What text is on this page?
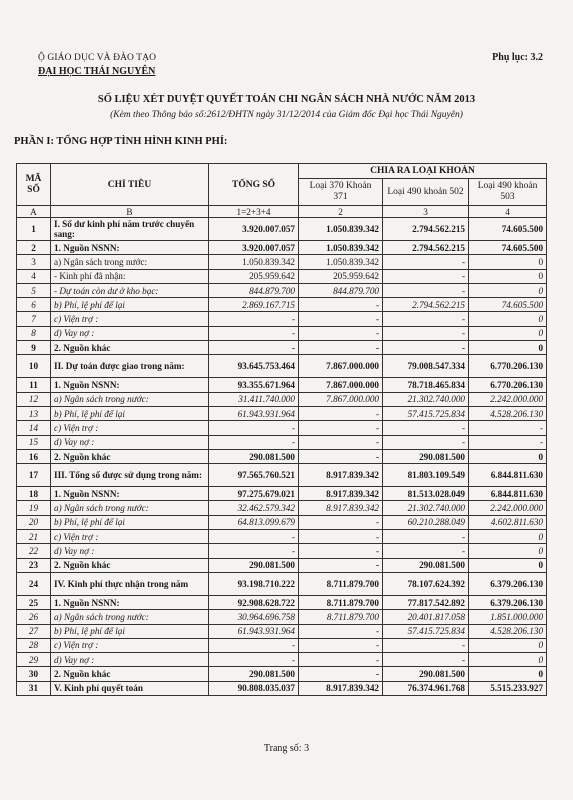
Ộ GIÁO DỤC VÀ ĐÀO TẠO
ĐẠI HỌC THÁI NGUYÊN
Phụ lục: 3.2
SỐ LIỆU XÉT DUYỆT QUYẾT TOÁN CHI NGÂN SÁCH NHÀ NƯỚC NĂM 2013
(Kèm theo Thông báo số:2612/ĐHTN ngày 31/12/2014 của Giám đốc Đại học Thái Nguyên)
PHẦN I: TỔNG HỢP TÌNH HÌNH KINH PHÍ:
MÃ SỐ	CHỈ TIÊU	TỔNG SỐ	CHIA RA LOẠI KHOẢN		
			Loại 370 Khoản 371	Loại 490 khoản 502	Loại 490 khoản 503
A	B	1=2+3+4	2	3	4
1	I. Số dư kinh phí năm trước chuyển sang:	3.920.007.057	1.050.839.342	2.794.562.215	74.605.500
2	1. Nguồn NSNN:	3.920.007.057	1.050.839.342	2.794.562.215	74.605.500
3	a) Ngân sách trong nước:	1.050.839.342	1.050.839.342	-	0
4	- Kinh phí đã nhận:	205.959.642	205.959.642	-	0
5	- Dự toán còn dư ở kho bạc:	844.879.700	844.879.700	-	0
6	b) Phí, lệ phí để lại	2.869.167.715	-	2.794.562.215	74.605.500
7	c) Viện trợ :	-	-	-	0
8	d) Vay nợ :	-	-	-	0
9	2. Nguồn khác	-	-	-	0
10	II. Dự toán được giao trong năm:	93.645.753.464	7.867.000.000	79.008.547.334	6.770.206.130
11	1. Nguồn NSNN:	93.355.671.964	7.867.000.000	78.718.465.834	6.770.206.130
12	a) Ngân sách trong nước:	31.411.740.000	7.867.000.000	21.302.740.000	2.242.000.000
13	b) Phí, lệ phí để lại	61.943.931.964	-	57.415.725.834	4.528.206.130
14	c) Viện trợ :	-	-	-	-
15	d) Vay nợ :	-	-	-	-
16	2. Nguồn khác	290.081.500	-	290.081.500	0
17	III. Tổng số được sử dụng trong năm:	97.565.760.521	8.917.839.342	81.803.109.549	6.844.811.630
18	1. Nguồn NSNN:	97.275.679.021	8.917.839.342	81.513.028.049	6.844.811.630
19	a) Ngân sách trong nước:	32.462.579.342	8.917.839.342	21.302.740.000	2.242.000.000
20	b) Phí, lệ phí để lại	64.813.099.679	-	60.210.288.049	4.602.811.630
21	c) Viện trợ :	-	-	-	0
22	d) Vay nợ :	-	-	-	0
23	2. Nguồn khác	290.081.500	-	290.081.500	0
24	IV. Kinh phí thực nhận trong năm	93.198.710.222	8.711.879.700	78.107.624.392	6.379.206.130
25	1. Nguồn NSNN:	92.908.628.722	8.711.879.700	77.817.542.892	6.379.206.130
26	a) Ngân sách trong nước:	30.964.696.758	8.711.879.700	20.401.817.058	1.851.000.000
27	b) Phí, lệ phí để lại	61.943.931.964	-	57.415.725.834	4.528.206.130
28	c) Viện trợ :	-	-	-	0
29	d) Vay nợ :	-	-	-	0
30	2. Nguồn khác	290.081.500	-	290.081.500	0
31	V. Kinh phí quyết toán	90.808.035.037	8.917.839.342	76.374.961.768	5.515.233.927
Trang số: 3
